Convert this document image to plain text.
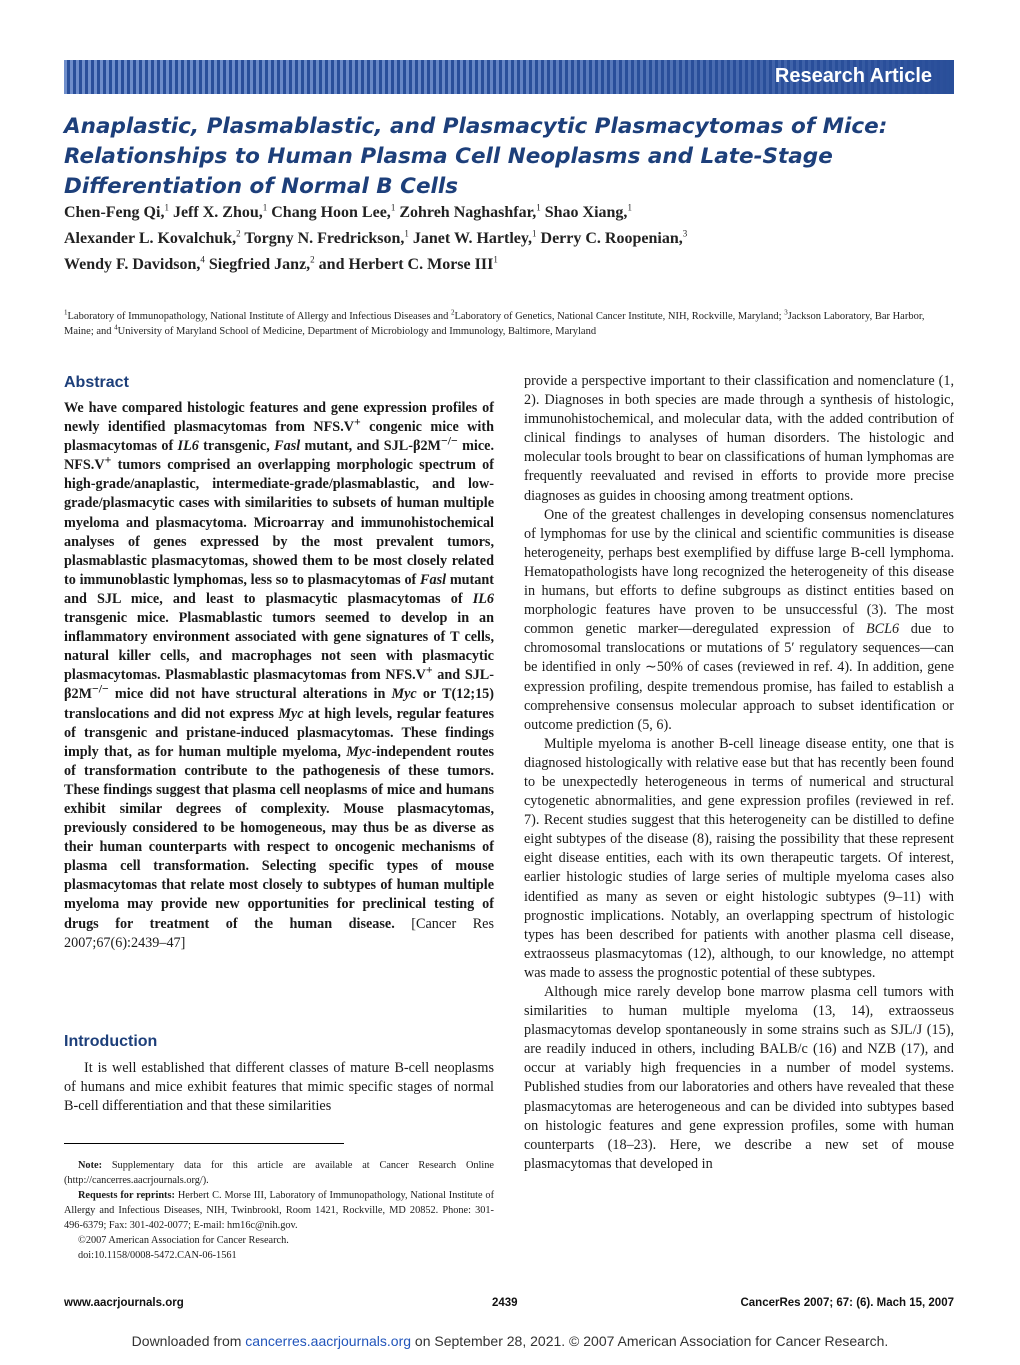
Research Article
Anaplastic, Plasmablastic, and Plasmacytic Plasmacytomas of Mice: Relationships to Human Plasma Cell Neoplasms and Late-Stage Differentiation of Normal B Cells
Chen-Feng Qi,$^1$ Jeff X. Zhou,$^1$ Chang Hoon Lee,$^1$ Zohreh Naghashfar,$^1$ Shao Xiang,$^1$
Alexander L. Kovalchuk,$^2$ Torgny N. Fredrickson,$^1$ Janet W. Hartley,$^1$ Derry C. Roopenian,$^3$
Wendy F. Davidson,$^4$ Siegfried Janz,$^2$ and Herbert C. Morse III$^1$
$^1$Laboratory of Immunopathology, National Institute of Allergy and Infectious Diseases and $^2$Laboratory of Genetics, National Cancer Institute, NIH, Rockville, Maryland; $^3$Jackson Laboratory, Bar Harbor, Maine; and $^4$University of Maryland School of Medicine, Department of Microbiology and Immunology, Baltimore, Maryland
Abstract

We have compared histologic features and gene expression profiles of newly identified plasmacytomas from NFS.V+ congenic mice with plasmacytomas of IL6 transgenic, Fasl mutant, and SJL-β2M−/− mice. NFS.V+ tumors comprised an overlapping morphologic spectrum of high-grade/anaplastic, intermediate-grade/plasmablastic, and low-grade/plasmacytic cases with similarities to subsets of human multiple myeloma and plasmacytoma. Microarray and immunohistochemical analyses of genes expressed by the most prevalent tumors, plasmablastic plasmacytomas, showed them to be most closely related to immunoblastic lymphomas, less so to plasmacytomas of Fasl mutant and SJL mice, and least to plasmacytic plasmacytomas of IL6 transgenic mice. Plasmablastic tumors seemed to develop in an inflammatory environment associated with gene signatures of T cells, natural killer cells, and macrophages not seen with plasmacytic plasmacytomas. Plasmablastic plasmacytomas from NFS.V+ and SJL-β2M−/− mice did not have structural alterations in Myc or T(12;15) translocations and did not express Myc at high levels, regular features of transgenic and pristane-induced plasmacytomas. These findings imply that, as for human multiple myeloma, Myc-independent routes of transformation contribute to the pathogenesis of these tumors. These findings suggest that plasma cell neoplasms of mice and humans exhibit similar degrees of complexity. Mouse plasmacytomas, previously considered to be homogeneous, may thus be as diverse as their human counterparts with respect to oncogenic mechanisms of plasma cell transformation. Selecting specific types of mouse plasmacytomas that relate most closely to subtypes of human multiple myeloma may provide new opportunities for preclinical testing of drugs for treatment of the human disease. [Cancer Res 2007;67(6):2439–47]

Introduction

It is well established that different classes of mature B-cell neoplasms of humans and mice exhibit features that mimic specific stages of normal B-cell differentiation and that these similarities

provide a perspective important to their classification and nomenclature (1, 2). Diagnoses in both species are made through a synthesis of histologic, immunohistochemical, and molecular data, with the added contribution of clinical findings to analyses of human disorders. The histologic and molecular tools brought to bear on classifications of human lymphomas are frequently reevaluated and revised in efforts to provide more precise diagnoses as guides in choosing among treatment options.

One of the greatest challenges in developing consensus nomenclatures of lymphomas for use by the clinical and scientific communities is disease heterogeneity, perhaps best exemplified by diffuse large B-cell lymphoma. Hematopathologists have long recognized the heterogeneity of this disease in humans, but efforts to define subgroups as distinct entities based on morphologic features have proven to be unsuccessful (3). The most common genetic marker—deregulated expression of BCL6 due to chromosomal translocations or mutations of 5′ regulatory sequences—can be identified in only ∼50% of cases (reviewed in ref. 4). In addition, gene expression profiling, despite tremendous promise, has failed to establish a comprehensive consensus molecular approach to subset identification or outcome prediction (5, 6).

Multiple myeloma is another B-cell lineage disease entity, one that is diagnosed histologically with relative ease but that has recently been found to be unexpectedly heterogeneous in terms of numerical and structural cytogenetic abnormalities, and gene expression profiles (reviewed in ref. 7). Recent studies suggest that this heterogeneity can be distilled to define eight subtypes of the disease (8), raising the possibility that these represent eight disease entities, each with its own therapeutic targets. Of interest, earlier histologic studies of large series of multiple myeloma cases also identified as many as seven or eight histologic subtypes (9–11) with prognostic implications. Notably, an overlapping spectrum of histologic types has been described for patients with another plasma cell disease, extraosseus plasmacytomas (12), although, to our knowledge, no attempt was made to assess the prognostic potential of these subtypes.

Although mice rarely develop bone marrow plasma cell tumors with similarities to human multiple myeloma (13, 14), extraosseus plasmacytomas develop spontaneously in some strains such as SJL/J (15), are readily induced in others, including BALB/c (16) and NZB (17), and occur at variably high frequencies in a number of model systems. Published studies from our laboratories and others have revealed that these plasmacytomas are heterogeneous and can be divided into subtypes based on histologic features and gene expression profiles, some with human counterparts (18–23). Here, we describe a new set of mouse plasmacytomas that developed in

Note: Supplementary data for this article are available at Cancer Research Online (http://cancerres.aacrjournals.org/).

Requests for reprints: Herbert C. Morse III, Laboratory of Immunopathology, National Institute of Allergy and Infectious Diseases, NIH, Twinbrookl, Room 1421, Rockville, MD 20852. Phone: 301-496-6379; Fax: 301-402-0077; E-mail: hm16c@nih.gov.

©2007 American Association for Cancer Research.

doi:10.1158/0008-5472.CAN-06-1561

www.aacrjournals.org	2439	CancerRes 2007; 67: (6). Mach 15, 2007
Downloaded from cancerres.aacrjournals.org on September 28, 2021. © 2007 American Association for Cancer Research.
